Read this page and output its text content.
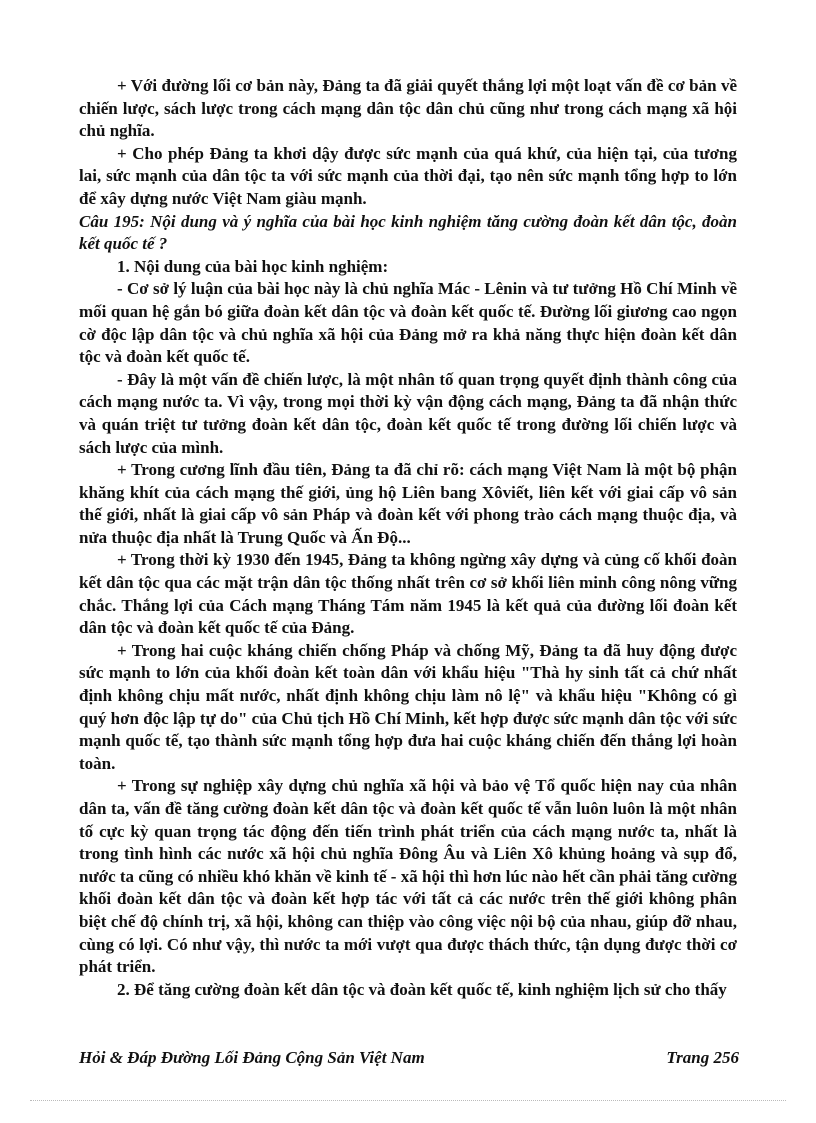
+ Với đường lối cơ bản này, Đảng ta đã giải quyết thắng lợi một loạt vấn đề cơ bản về chiến lược, sách lược trong cách mạng dân tộc dân chủ cũng như trong cách mạng xã hội chủ nghĩa.

+ Cho phép Đảng ta khơi dậy được sức mạnh của quá khứ, của hiện tại, của tương lai, sức mạnh của dân tộc ta với sức mạnh của thời đại, tạo nên sức mạnh tổng hợp to lớn để xây dựng nước Việt Nam giàu mạnh.

Câu 195: Nội dung và ý nghĩa của bài học kinh nghiệm tăng cường đoàn kết dân tộc, đoàn kết quốc tế ?

1. Nội dung của bài học kinh nghiệm:

- Cơ sở lý luận của bài học này là chủ nghĩa Mác - Lênin và tư tưởng Hồ Chí Minh về mối quan hệ gắn bó giữa đoàn kết dân tộc và đoàn kết quốc tế. Đường lối giương cao ngọn cờ độc lập dân tộc và chủ nghĩa xã hội của Đảng mở ra khả năng thực hiện đoàn kết dân tộc và đoàn kết quốc tế.

- Đây là một vấn đề chiến lược, là một nhân tố quan trọng quyết định thành công của cách mạng nước ta. Vì vậy, trong mọi thời kỳ vận động cách mạng, Đảng ta đã nhận thức và quán triệt tư tưởng đoàn kết dân tộc, đoàn kết quốc tế trong đường lối chiến lược và sách lược của mình.

+ Trong cương lĩnh đầu tiên, Đảng ta đã chỉ rõ: cách mạng Việt Nam là một bộ phận khăng khít của cách mạng thế giới, ủng hộ Liên bang Xôviết, liên kết với giai cấp vô sản thế giới, nhất là giai cấp vô sản Pháp và đoàn kết với phong trào cách mạng thuộc địa, và nửa thuộc địa nhất là Trung Quốc và Ấn Độ...

+ Trong thời kỳ 1930 đến 1945, Đảng ta không ngừng xây dựng và củng cố khối đoàn kết dân tộc qua các mặt trận dân tộc thống nhất trên cơ sở khối liên minh công nông vững chắc. Thắng lợi của Cách mạng Tháng Tám năm 1945 là kết quả của đường lối đoàn kết dân tộc và đoàn kết quốc tế của Đảng.

+ Trong hai cuộc kháng chiến chống Pháp và chống Mỹ, Đảng ta đã huy động được sức mạnh to lớn của khối đoàn kết toàn dân với khẩu hiệu "Thà hy sinh tất cả chứ nhất định không chịu mất nước, nhất định không chịu làm nô lệ" và khẩu hiệu "Không có gì quý hơn độc lập tự do" của Chủ tịch Hồ Chí Minh, kết hợp được sức mạnh dân tộc với sức mạnh quốc tế, tạo thành sức mạnh tổng hợp đưa hai cuộc kháng chiến đến thắng lợi hoàn toàn.

+ Trong sự nghiệp xây dựng chủ nghĩa xã hội và bảo vệ Tổ quốc hiện nay của nhân dân ta, vấn đề tăng cường đoàn kết dân tộc và đoàn kết quốc tế vẫn luôn luôn là một nhân tố cực kỳ quan trọng tác động đến tiến trình phát triển của cách mạng nước ta, nhất là trong tình hình các nước xã hội chủ nghĩa Đông Âu và Liên Xô khủng hoảng và sụp đổ, nước ta cũng có nhiều khó khăn về kinh tế - xã hội thì hơn lúc nào hết cần phải tăng cường khối đoàn kết dân tộc và đoàn kết hợp tác với tất cả các nước trên thế giới không phân biệt chế độ chính trị, xã hội, không can thiệp vào công việc nội bộ của nhau, giúp đỡ nhau, cùng có lợi. Có như vậy, thì nước ta mới vượt qua được thách thức, tận dụng được thời cơ phát triển.

2. Để tăng cường đoàn kết dân tộc và đoàn kết quốc tế, kinh nghiệm lịch sử cho thấy

Hỏi & Đáp Đường Lối Đảng Cộng Sản Việt Nam	Trang 256
